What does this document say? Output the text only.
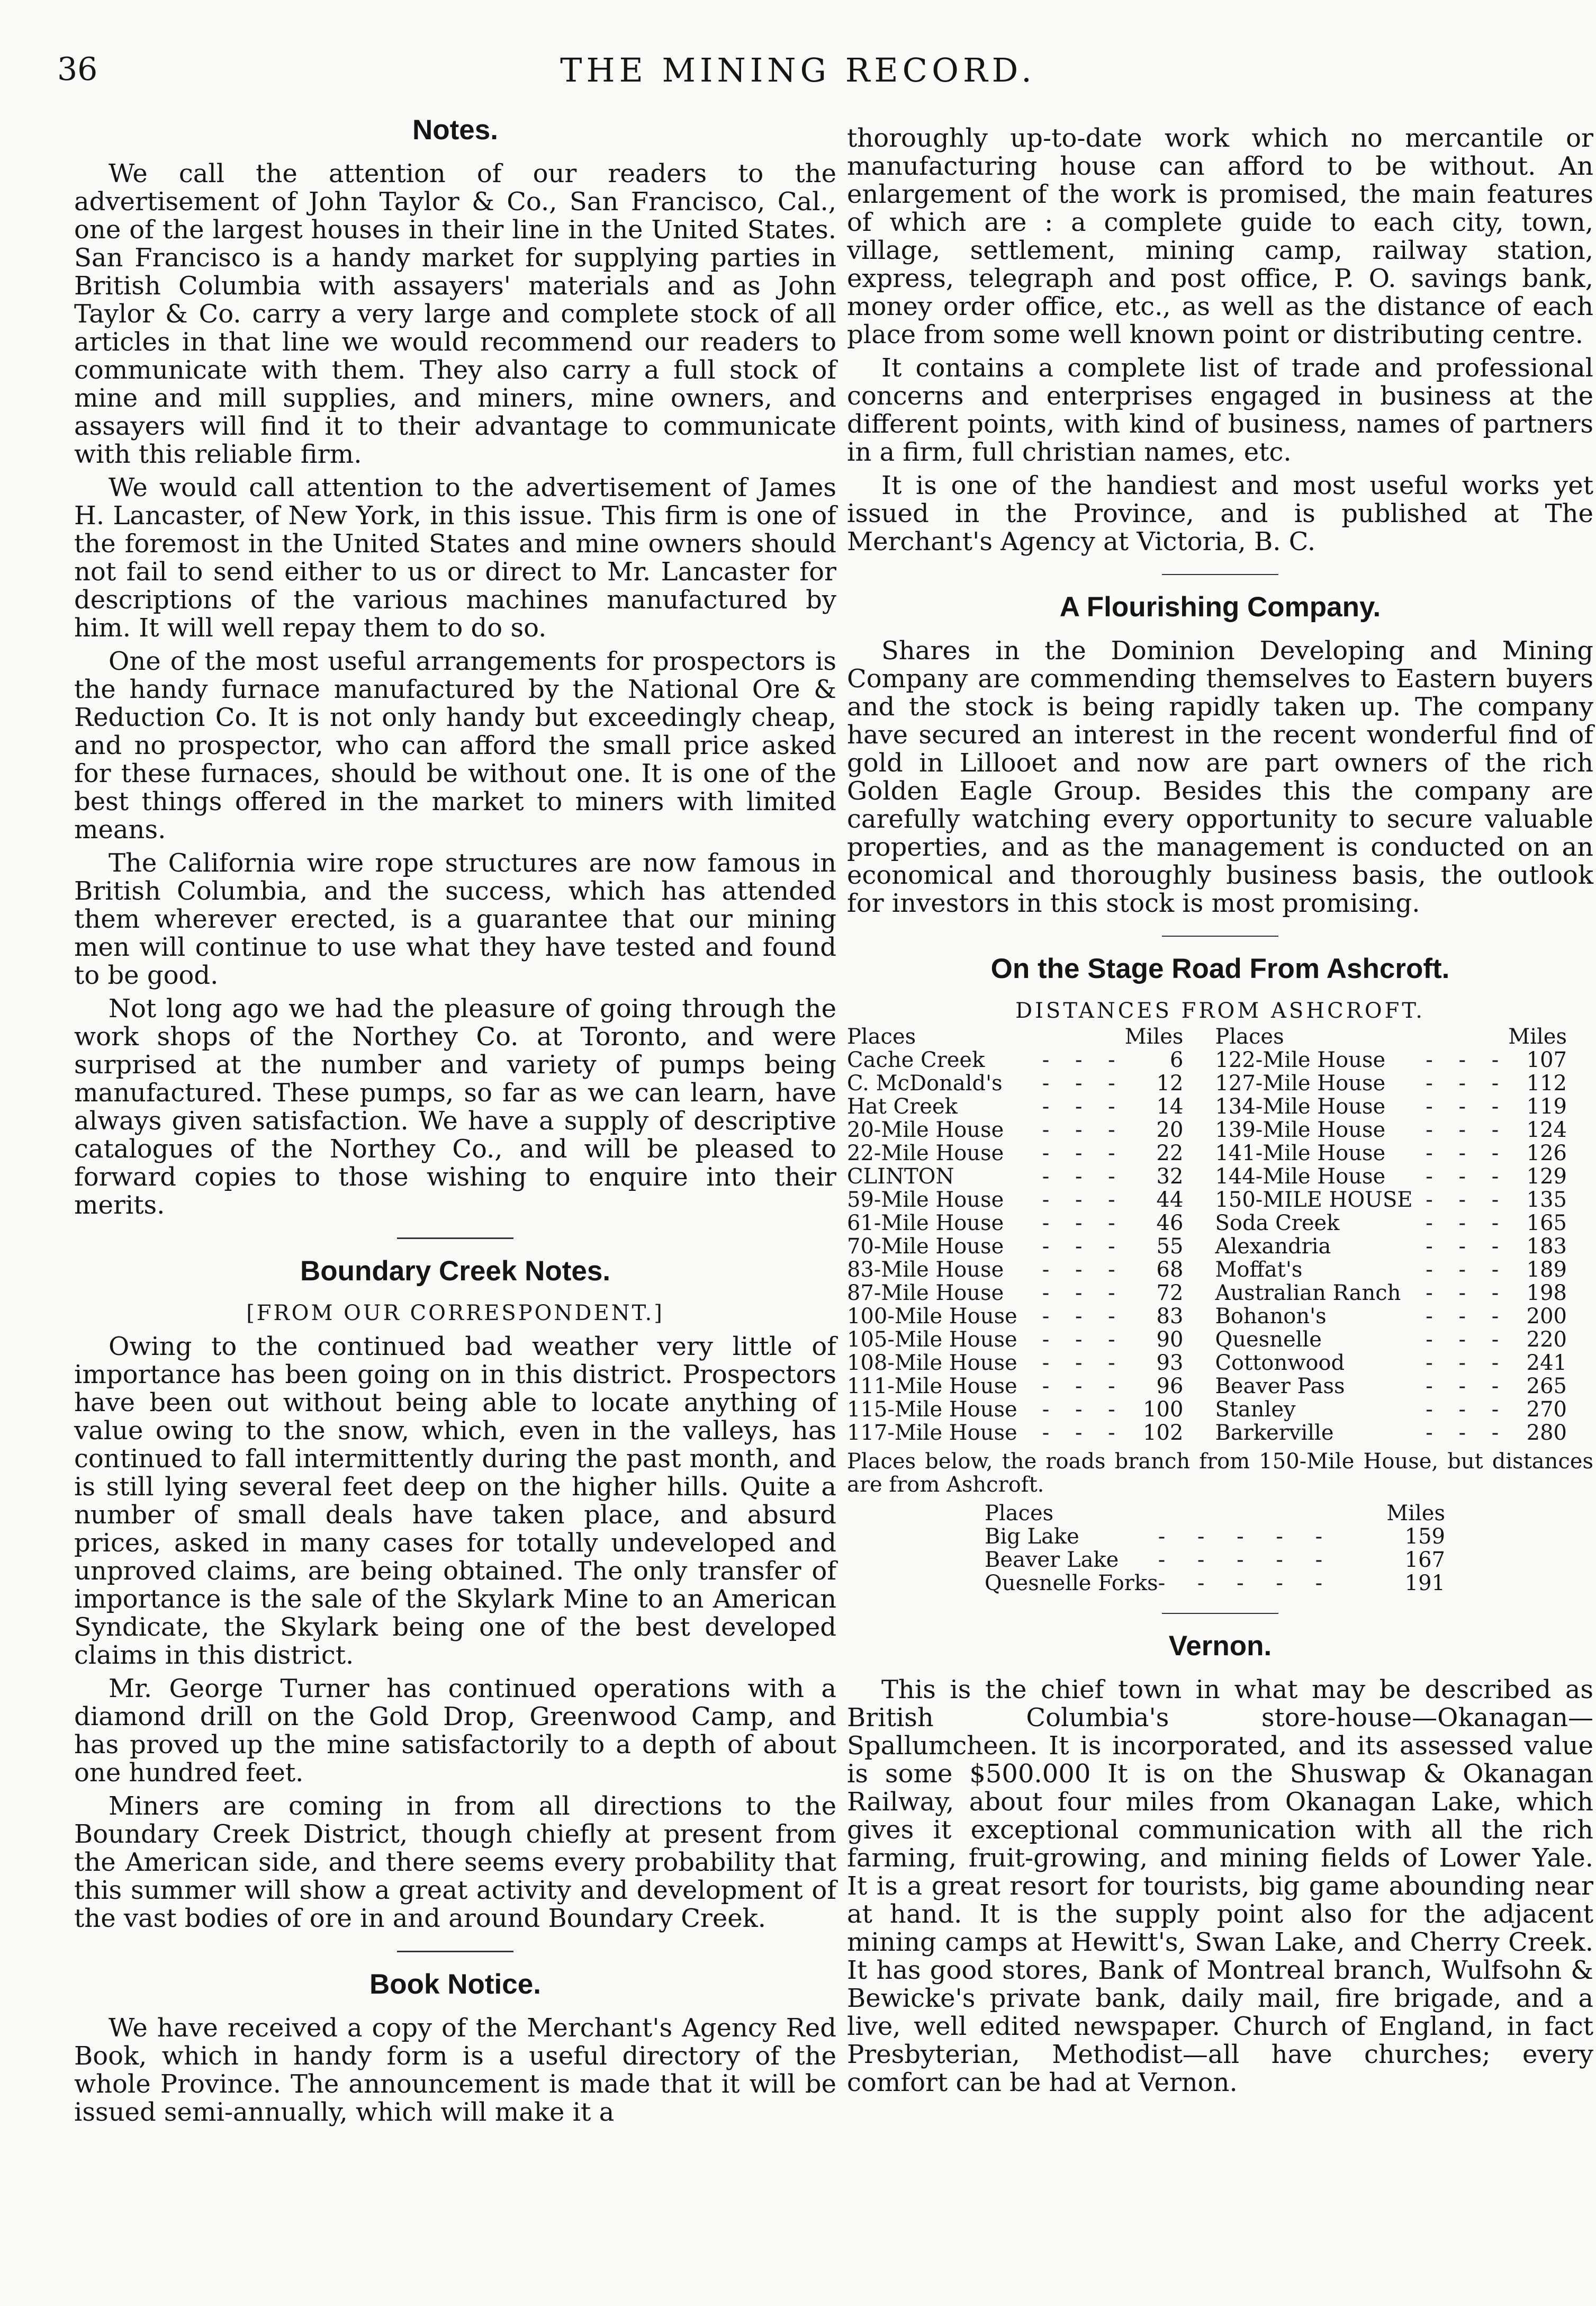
36	THE MINING RECORD.
Notes.

We call the attention of our readers to the advertisement of John Taylor & Co., San Francisco, Cal., one of the largest houses in their line in the United States. San Francisco is a handy market for supplying parties in British Columbia with assayers' materials and as John Taylor & Co. carry a very large and complete stock of all articles in that line we would recommend our readers to communicate with them. They also carry a full stock of mine and mill supplies, and miners, mine owners, and assayers will find it to their advantage to communicate with this reliable firm.

We would call attention to the advertisement of James H. Lancaster, of New York, in this issue. This firm is one of the foremost in the United States and mine owners should not fail to send either to us or direct to Mr. Lancaster for descriptions of the various machines manufactured by him. It will well repay them to do so.

One of the most useful arrangements for prospectors is the handy furnace manufactured by the National Ore & Reduction Co. It is not only handy but exceedingly cheap, and no prospector, who can afford the small price asked for these furnaces, should be without one. It is one of the best things offered in the market to miners with limited means.

The California wire rope structures are now famous in British Columbia, and the success, which has attended them wherever erected, is a guarantee that our mining men will continue to use what they have tested and found to be good.

Not long ago we had the pleasure of going through the work shops of the Northey Co. at Toronto, and were surprised at the number and variety of pumps being manufactured. These pumps, so far as we can learn, have always given satisfaction. We have a supply of descriptive catalogues of the Northey Co., and will be pleased to forward copies to those wishing to enquire into their merits.

Boundary Creek Notes.
[FROM OUR CORRESPONDENT.]

Owing to the continued bad weather very little of importance has been going on in this district. Prospectors have been out without being able to locate anything of value owing to the snow, which, even in the valleys, has continued to fall intermittently during the past month, and is still lying several feet deep on the higher hills. Quite a number of small deals have taken place, and absurd prices, asked in many cases for totally undeveloped and unproved claims, are being obtained. The only transfer of importance is the sale of the Skylark Mine to an American Syndicate, the Skylark being one of the best developed claims in this district.

Mr. George Turner has continued operations with a diamond drill on the Gold Drop, Greenwood Camp, and has proved up the mine satisfactorily to a depth of about one hundred feet.

Miners are coming in from all directions to the Boundary Creek District, though chiefly at present from the American side, and there seems every probability that this summer will show a great activity and development of the vast bodies of ore in and around Boundary Creek.

Book Notice.

We have received a copy of the Merchant's Agency Red Book, which in handy form is a useful directory of the whole Province. The announcement is made that it will be issued semi-annually, which will make it a

thoroughly up-to-date work which no mercantile or manufacturing house can afford to be without. An enlargement of the work is promised, the main features of which are : a complete guide to each city, town, village, settlement, mining camp, railway station, express, telegraph and post office, P. O. savings bank, money order office, etc., as well as the distance of each place from some well known point or distributing centre.

It contains a complete list of trade and professional concerns and enterprises engaged in business at the different points, with kind of business, names of partners in a firm, full christian names, etc.

It is one of the handiest and most useful works yet issued in the Province, and is published at The Merchant's Agency at Victoria, B. C.

A Flourishing Company.

Shares in the Dominion Developing and Mining Company are commending themselves to Eastern buyers and the stock is being rapidly taken up. The company have secured an interest in the recent wonderful find of gold in Lillooet and now are part owners of the rich Golden Eagle Group. Besides this the company are carefully watching every opportunity to secure valuable properties, and as the management is conducted on an economical and thoroughly business basis, the outlook for investors in this stock is most promising.

On the Stage Road From Ashcroft.
DISTANCES FROM ASHCROFT.
Places		Miles	Places		Miles
Cache Creek	- - -	6	122-Mile House	- - -	107
C. McDonald's	- - -	12	127-Mile House	- - -	112
Hat Creek	- - -	14	134-Mile House	- - -	119
20-Mile House	- - -	20	139-Mile House	- - -	124
22-Mile House	- - -	22	141-Mile House	- - -	126
CLINTON	- - -	32	144-Mile House	- - -	129
59-Mile House	- - -	44	150-MILE HOUSE	- - -	135
61-Mile House	- - -	46	Soda Creek	- - -	165
70-Mile House	- - -	55	Alexandria	- - -	183
83-Mile House	- - -	68	Moffat's	- - -	189
87-Mile House	- - -	72	Australian Ranch	- - -	198
100-Mile House	- - -	83	Bohanon's	- - -	200
105-Mile House	- - -	90	Quesnelle	- - -	220
108-Mile House	- - -	93	Cottonwood	- - -	241
111-Mile House	- - -	96	Beaver Pass	- - -	265
115-Mile House	- - -	100	Stanley	- - -	270
117-Mile House	- - -	102	Barkerville	- - -	280

Places below, the roads branch from 150-Mile House, but distances are from Ashcroft.

Places		Miles
Big Lake	- - - - -	159
Beaver Lake	- - - - -	167
Quesnelle Forks	- - - - -	191
Vernon.

This is the chief town in what may be described as British Columbia's store-house—Okanagan—Spallumcheen. It is incorporated, and its assessed value is some $500.000 It is on the Shuswap & Okanagan Railway, about four miles from Okanagan Lake, which gives it exceptional communication with all the rich farming, fruit-growing, and mining fields of Lower Yale. It is a great resort for tourists, big game abounding near at hand. It is the supply point also for the adjacent mining camps at Hewitt's, Swan Lake, and Cherry Creek. It has good stores, Bank of Montreal branch, Wulfsohn & Bewicke's private bank, daily mail, fire brigade, and a live, well edited newspaper. Church of England, in fact Presbyterian, Methodist—all have churches; every comfort can be had at Vernon.
